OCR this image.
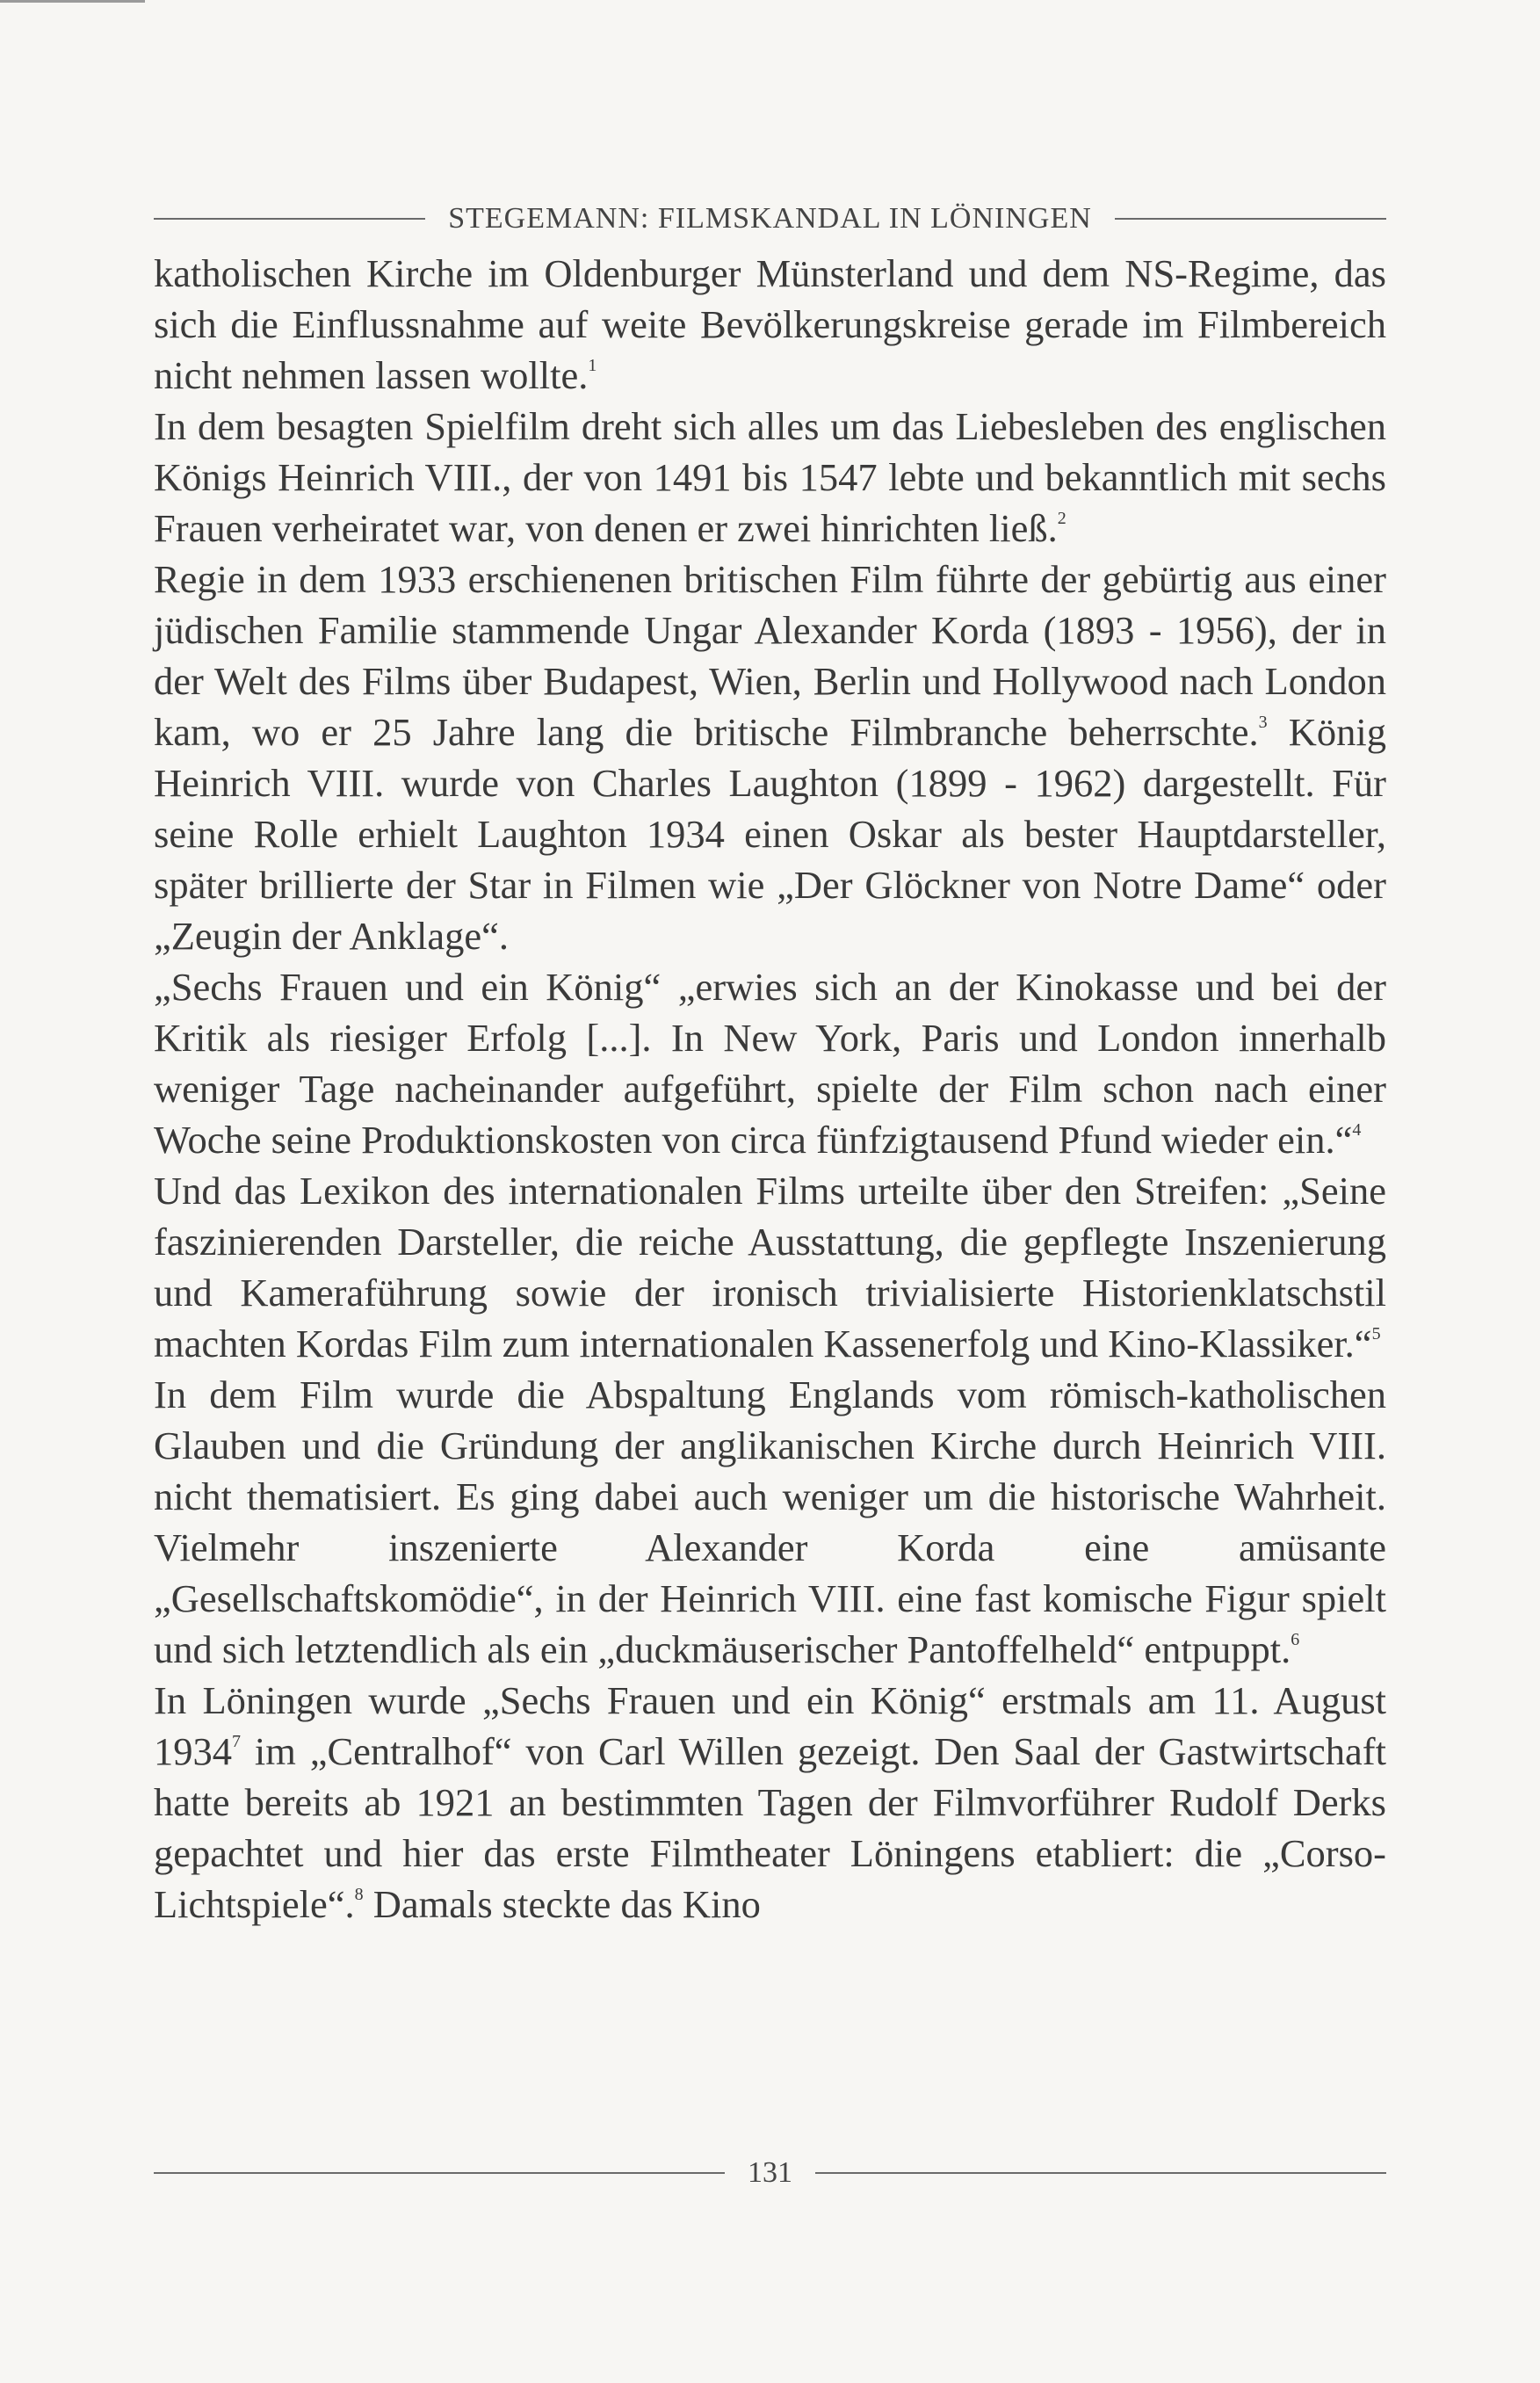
STEGEMANN: FILMSKANDAL IN LÖNINGEN

katholischen Kirche im Oldenburger Münsterland und dem NS-Regime, das sich die Einflussnahme auf weite Bevölkerungskreise gerade im Filmbereich nicht nehmen lassen wollte.$^1$

In dem besagten Spielfilm dreht sich alles um das Liebesleben des englischen Königs Heinrich VIII., der von 1491 bis 1547 lebte und bekanntlich mit sechs Frauen verheiratet war, von denen er zwei hinrichten ließ.$^2$

Regie in dem 1933 erschienenen britischen Film führte der gebürtig aus einer jüdischen Familie stammende Ungar Alexander Korda (1893 - 1956), der in der Welt des Films über Budapest, Wien, Berlin und Hollywood nach London kam, wo er 25 Jahre lang die britische Filmbranche beherrschte.$^3$ König Heinrich VIII. wurde von Charles Laughton (1899 - 1962) dargestellt. Für seine Rolle erhielt Laughton 1934 einen Oskar als bester Hauptdarsteller, später brillierte der Star in Filmen wie „Der Glöckner von Notre Dame“ oder „Zeugin der Anklage“.

„Sechs Frauen und ein König“ „erwies sich an der Kinokasse und bei der Kritik als riesiger Erfolg [...]. In New York, Paris und London innerhalb weniger Tage nacheinander aufgeführt, spielte der Film schon nach einer Woche seine Produktionskosten von circa fünfzigtausend Pfund wieder ein.“$^4$

Und das Lexikon des internationalen Films urteilte über den Streifen: „Seine faszinierenden Darsteller, die reiche Ausstattung, die gepflegte Inszenierung und Kameraführung sowie der ironisch trivialisierte Historienklatschstil machten Kordas Film zum internationalen Kassenerfolg und Kino-Klassiker.“$^5$

In dem Film wurde die Abspaltung Englands vom römisch-katholischen Glauben und die Gründung der anglikanischen Kirche durch Heinrich VIII. nicht thematisiert. Es ging dabei auch weniger um die historische Wahrheit. Vielmehr inszenierte Alexander Korda eine amüsante „Gesellschaftskomödie“, in der Heinrich VIII. eine fast komische Figur spielt und sich letztendlich als ein „duckmäuserischer Pantoffelheld“ entpuppt.$^6$

In Löningen wurde „Sechs Frauen und ein König“ erstmals am 11. August 1934$^7$ im „Centralhof“ von Carl Willen gezeigt. Den Saal der Gastwirtschaft hatte bereits ab 1921 an bestimmten Tagen der Filmvorführer Rudolf Derks gepachtet und hier das erste Filmtheater Löningens etabliert: die „Corso-Lichtspiele“.$^8$ Damals steckte das Kino

131
